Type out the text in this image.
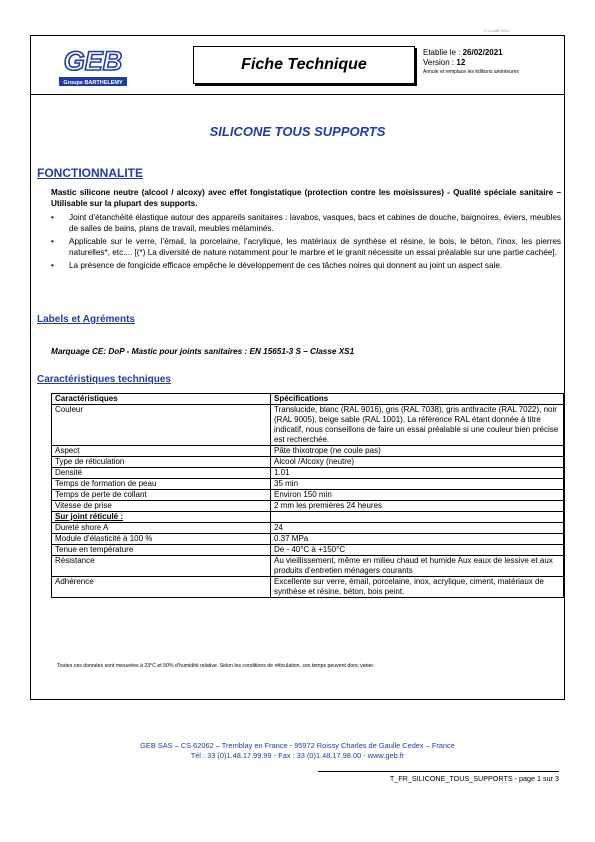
© Loctite 2021
GEB
Groupe BARTHELEMY
Fiche Technique
Etablie le : 26/02/2021
Version : 12
Annule et remplace les éditions antérieures
SILICONE TOUS SUPPORTS
FONCTIONNALITE
Mastic silicone neutre (alcool / alcoxy) avec effet fongistatique (protection contre les moisissures) - Qualité spéciale sanitaire – Utilisable sur la plupart des supports.
• Joint d’étanchéité élastique autour des appareils sanitaires : lavabos, vasques, bacs et cabines de douche, baignoires, éviers, meubles de salles de bains, plans de travail, meubles mélaminés.
• Applicable sur le verre, l’émail, la porcelaine, l’acrylique, les matériaux de synthèse et résine, le bois, le béton, l’inox, les pierres naturelles*, etc.... [(*) La diversité de nature notamment pour le marbre et le granit nécessite un essai préalable sur une partie cachée].
• La présence de fongicide efficace empêche le développement de ces tâches noires qui donnent au joint un aspect sale.
Labels et Agréments
Marquage CE: DoP - Mastic pour joints sanitaires : EN 15651-3 S – Classe XS1
Caractéristiques techniques
Caractéristiques	Spécifications
Couleur	Translucide, blanc (RAL 9016), gris (RAL 7038), gris anthracite (RAL 7022), noir (RAL 9005), beige sable (RAL 1001). La référence RAL étant donnée à titre indicatif, nous conseillons de faire un essai préalable si une couleur bien précise est recherchée.
Aspect	Pâte thixotrope (ne coule pas)
Type de réticulation	Alcool /Alcoxy (neutre)
Densité	1.01
Temps de formation de peau	35 min
Temps de perte de collant	Environ 150 min
Vitesse de prise	2 mm les premières 24 heures
Sur joint réticulé :	
Dureté shore A	24
Module d’élasticité à 100 %	0.37 MPa
Tenue en température	De - 40°C à +150°C
Résistance	Au vieillissement, même en milieu chaud et humide Aux eaux de lessive et aux produits d’entretien ménagers courants
Adhérence	Excellente sur verre, émail, porcelaine, inox, acrylique, ciment, matériaux de synthèse et résine, béton, bois peint.
Toutes ces données sont mesurées à 23°C et 50% d’humidité relative. Selon les conditions de réticulation, ces temps peuvent donc varier.
GEB SAS – CS 62062 – Tremblay en France - 95972 Roissy Charles de Gaulle Cedex – France
Tél : 33 (0)1.48.17.99.99 - Fax : 33 (0)1.48.17.98.00 - www.geb.fr
T_FR_SILICONE_TOUS_SUPPORTS - page 1 sur 3
